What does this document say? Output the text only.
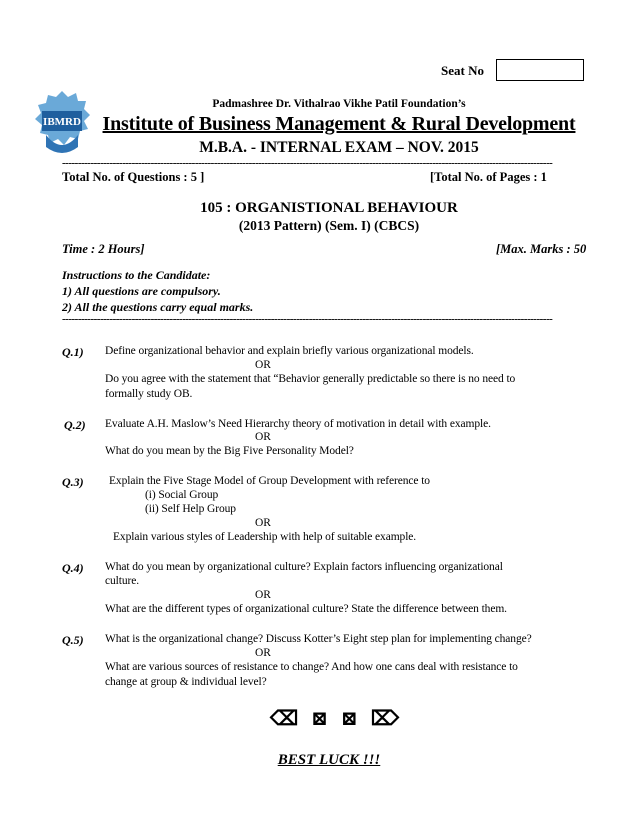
Seat No
IBMRD
Padmashree Dr. Vithalrao Vikhe Patil Foundation’s
Institute of Business Management & Rural Development
M.B.A. - INTERNAL EXAM – NOV. 2015
-----------------------------------------------------------------------------------------------------------------------------------------------------------
Total No. of Questions : 5 ]	[Total No. of Pages : 1
105 : ORGANISTIONAL BEHAVIOUR
(2013 Pattern) (Sem. I) (CBCS)
Time : 2 Hours]	[Max. Marks : 50
Instructions to the Candidate:
1) All questions are compulsory.
2) All the questions carry equal marks.
-----------------------------------------------------------------------------------------------------------------------------------------------------------
Q.1) Define organizational behavior and explain briefly various organizational models.
OR
Do you agree with the statement that “Behavior generally predictable so there is no need to
formally study OB.
Q.2) Evaluate A.H. Maslow’s Need Hierarchy theory of motivation in detail with example.
OR
What do you mean by the Big Five Personality Model?
Q.3) Explain the Five Stage Model of Group Development with reference to
(i) Social Group
(ii) Self Help Group
OR
Explain various styles of Leadership with help of suitable example.
Q.4) What do you mean by organizational culture? Explain factors influencing organizational
culture.
OR
What are the different types of organizational culture? State the difference between them.
Q.5) What is the organizational change? Discuss Kotter’s Eight step plan for implementing change?
OR
What are various sources of resistance to change? And how one cans deal with resistance to
change at group & individual level?
⌫ ⊠ ⊠ ⌦
BEST LUCK !!!
